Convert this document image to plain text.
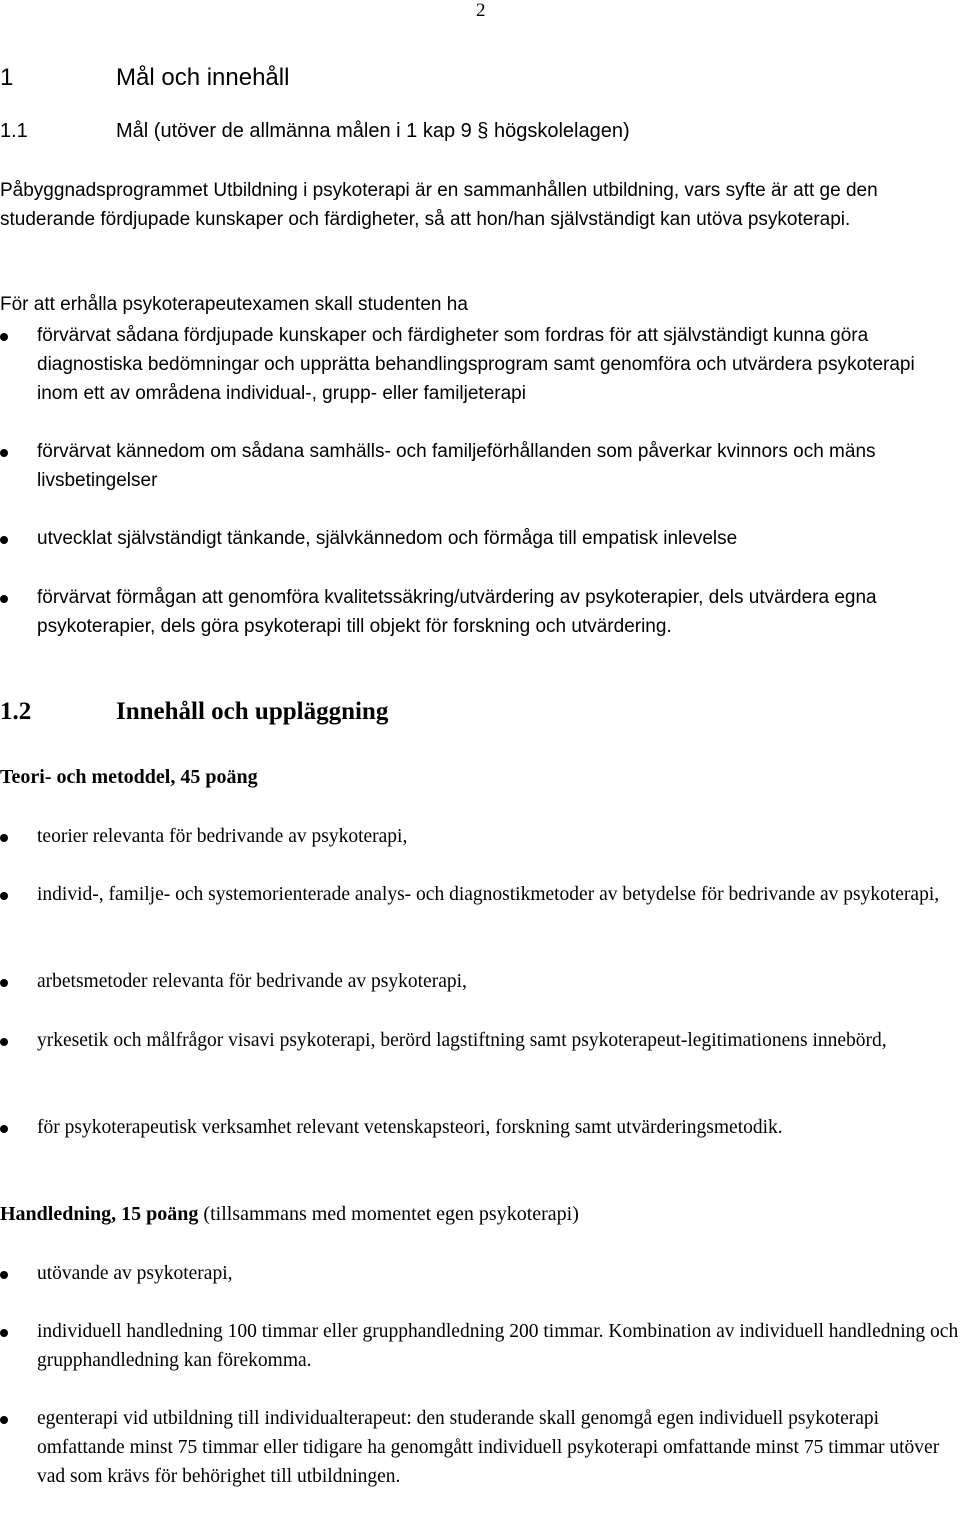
2
1	Mål och innehåll
1.1	Mål (utöver de allmänna målen i 1 kap 9 § högskolelagen)
Påbyggnadsprogrammet Utbildning i psykoterapi är en sammanhållen utbildning, vars syfte är att ge den studerande fördjupade kunskaper och färdigheter, så att hon/han självständigt kan utöva psykoterapi.
För att erhålla psykoterapeutexamen skall studenten ha
förvärvat sådana fördjupade kunskaper och färdigheter som fordras för att självständigt kunna göra diagnostiska bedömningar och upprätta behandlingsprogram samt genomföra och utvärdera psykoterapi inom ett av områdena individual-, grupp- eller familjeterapi
förvärvat kännedom om sådana samhälls- och familjeförhållanden som påverkar kvinnors och mäns livsbetingelser
utvecklat självständigt tänkande, självkännedom och förmåga till empatisk inlevelse
förvärvat förmågan att genomföra kvalitetssäkring/utvärdering av psykoterapier, dels utvärdera egna psykoterapier, dels göra psykoterapi till objekt för forskning och utvärdering.
1.2	Innehåll och uppläggning
Teori- och metoddel, 45 poäng
teorier relevanta för bedrivande av psykoterapi,
individ-, familje- och systemorienterade analys- och diagnostikmetoder av betydelse för bedrivande av psykoterapi,
arbetsmetoder relevanta för bedrivande av psykoterapi,
yrkesetik och målfrågor visavi psykoterapi, berörd lagstiftning samt psykoterapeut-legitimationens innebörd,
för psykoterapeutisk verksamhet relevant vetenskapsteori, forskning samt utvärderingsmetodik.
Handledning, 15 poäng (tillsammans med momentet egen psykoterapi)
utövande av psykoterapi,
individuell handledning 100 timmar eller grupphandledning 200 timmar. Kombination av individuell handledning och grupphandledning kan förekomma.
egenterapi vid utbildning till individualterapeut: den studerande skall genomgå egen individuell psykoterapi omfattande minst 75 timmar eller tidigare ha genomgått individuell psykoterapi omfattande minst 75 timmar utöver vad som krävs för behörighet till utbildningen.
